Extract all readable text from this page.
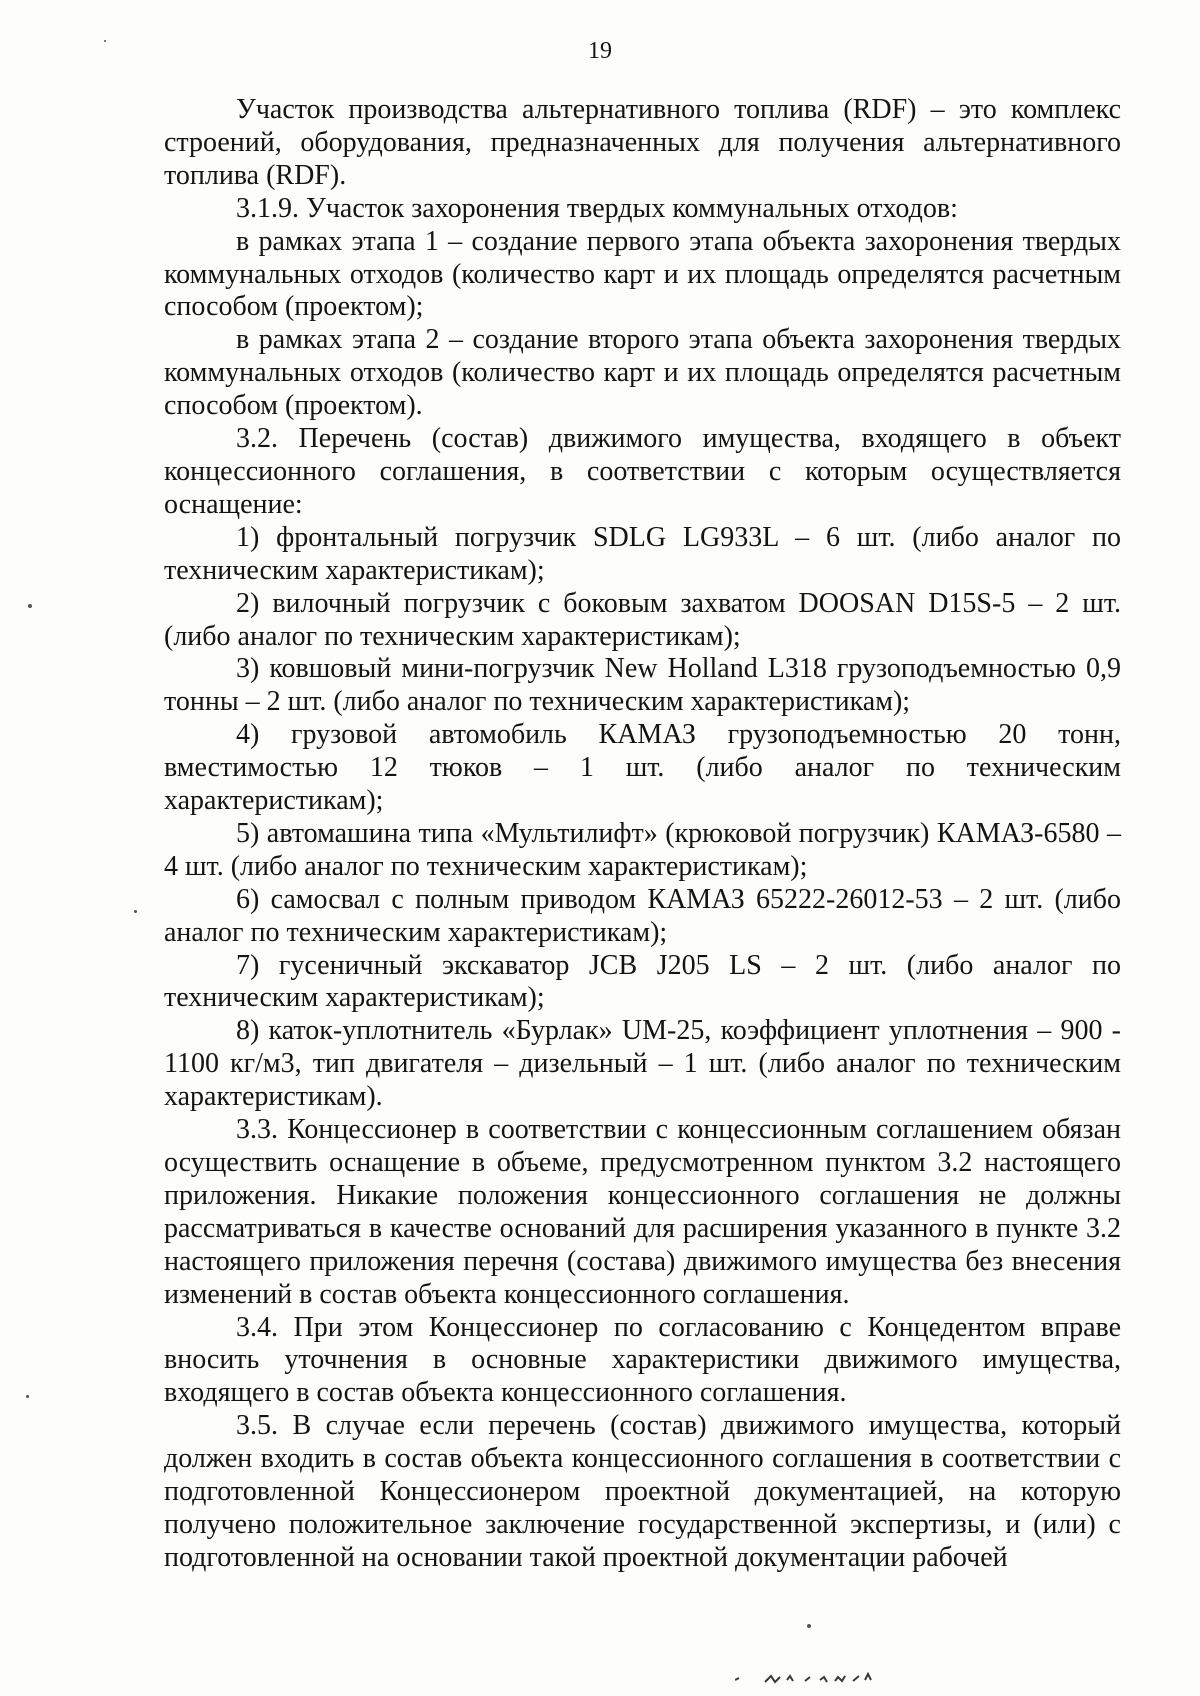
19

Участок производства альтернативного топлива (RDF) – это комплекс строений, оборудования, предназначенных для получения альтернативного топлива (RDF).

3.1.9. Участок захоронения твердых коммунальных отходов:

в рамках этапа 1 – создание первого этапа объекта захоронения твердых коммунальных отходов (количество карт и их площадь определятся расчетным способом (проектом);

в рамках этапа 2 – создание второго этапа объекта захоронения твердых коммунальных отходов (количество карт и их площадь определятся расчетным способом (проектом).

3.2. Перечень (состав) движимого имущества, входящего в объект концессионного соглашения, в соответствии с которым осуществляется оснащение:

1) фронтальный погрузчик SDLG LG933L – 6 шт. (либо аналог по техническим характеристикам);

2) вилочный погрузчик с боковым захватом DOOSAN D15S-5 – 2 шт. (либо аналог по техническим характеристикам);

3) ковшовый мини-погрузчик New Holland L318 грузоподъемностью 0,9 тонны – 2 шт. (либо аналог по техническим характеристикам);

4) грузовой автомобиль КАМАЗ грузоподъемностью 20 тонн, вместимостью 12 тюков – 1 шт. (либо аналог по техническим характеристикам);

5) автомашина типа «Мультилифт» (крюковой погрузчик) КАМАЗ-6580 – 4 шт. (либо аналог по техническим характеристикам);

6) самосвал с полным приводом КАМАЗ 65222-26012-53 – 2 шт. (либо аналог по техническим характеристикам);

7) гусеничный экскаватор JCB J205 LS – 2 шт. (либо аналог по техническим характеристикам);

8) каток-уплотнитель «Бурлак» UM-25, коэффициент уплотнения – 900 - 1100 кг/м3, тип двигателя – дизельный – 1 шт. (либо аналог по техническим характеристикам).

3.3. Концессионер в соответствии с концессионным соглашением обязан осуществить оснащение в объеме, предусмотренном пунктом 3.2 настоящего приложения. Никакие положения концессионного соглашения не должны рассматриваться в качестве оснований для расширения указанного в пункте 3.2 настоящего приложения перечня (состава) движимого имущества без внесения изменений в состав объекта концессионного соглашения.

3.4. При этом Концессионер по согласованию с Концедентом вправе вносить уточнения в основные характеристики движимого имущества, входящего в состав объекта концессионного соглашения.

3.5. В случае если перечень (состав) движимого имущества, который должен входить в состав объекта концессионного соглашения в соответствии с подготовленной Концессионером проектной документацией, на которую получено положительное заключение государственной экспертизы, и (или) с подготовленной на основании такой проектной документации рабочей
